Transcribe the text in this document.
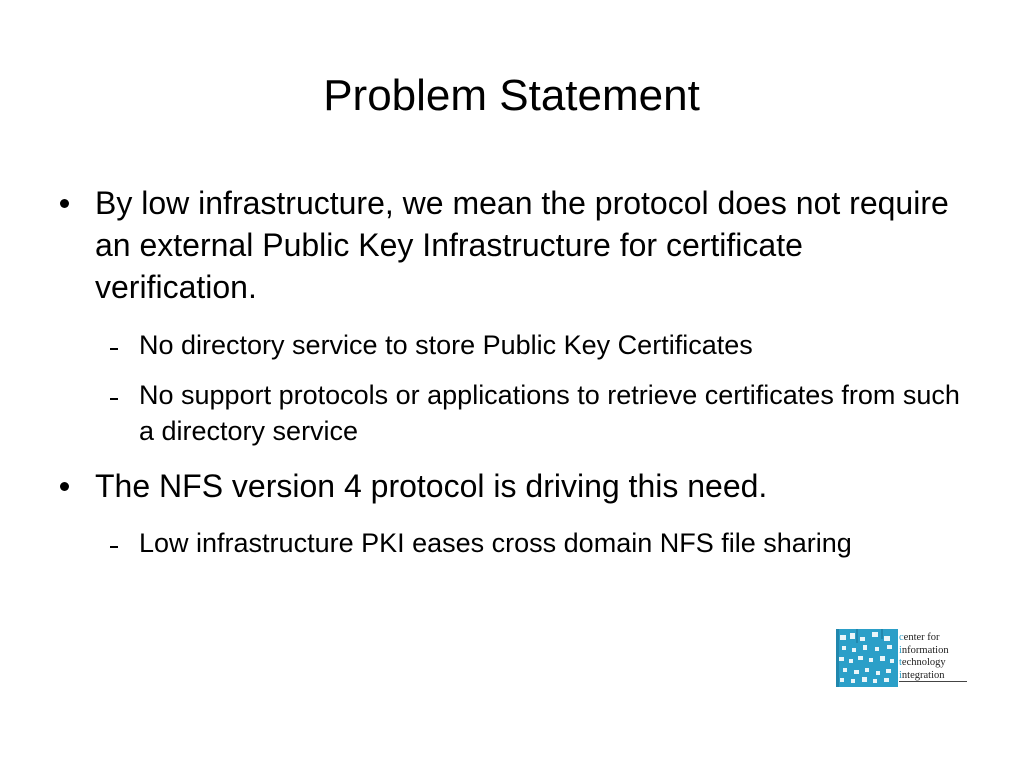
Problem Statement
By low infrastructure, we mean the protocol does not require an external Public Key Infrastructure for certificate verification.
No directory service to store Public Key Certificates
No support protocols or applications to retrieve certificates from such a directory service
The NFS version 4 protocol is driving this need.
Low infrastructure PKI eases cross domain NFS file sharing
center for
information
technology
integration
